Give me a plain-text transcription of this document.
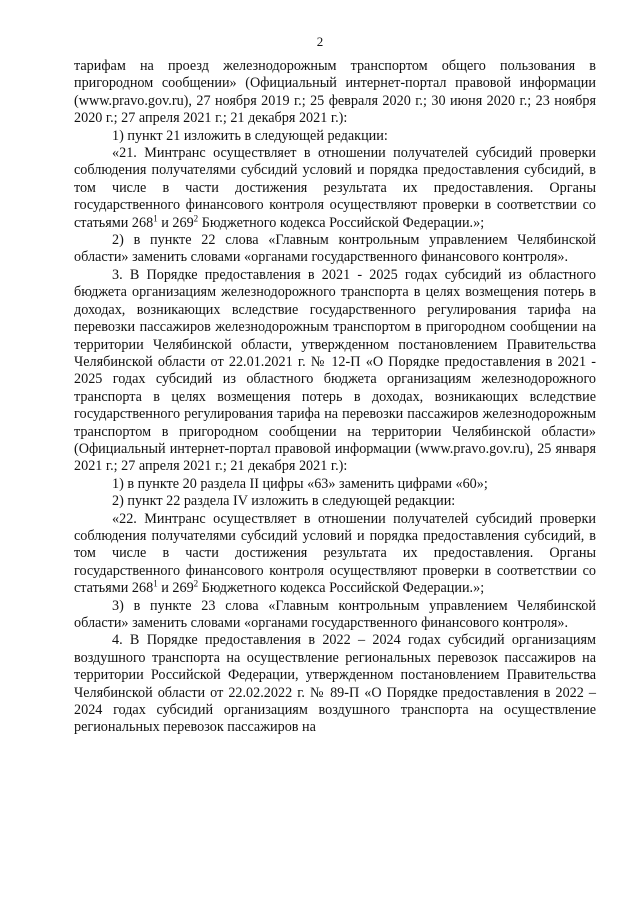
2

тарифам на проезд железнодорожным транспортом общего пользования в пригородном сообщении» (Официальный интернет-портал правовой информации (www.pravo.gov.ru), 27 ноября 2019 г.; 25 февраля 2020 г.; 30 июня 2020 г.; 23 ноября 2020 г.; 27 апреля 2021 г.; 21 декабря 2021 г.):

1) пункт 21 изложить в следующей редакции:

«21. Минтранс осуществляет в отношении получателей субсидий проверки соблюдения получателями субсидий условий и порядка предоставления субсидий, в том числе в части достижения результата их предоставления. Органы государственного финансового контроля осуществляют проверки в соответствии со статьями $268^1$ и $269^2$ Бюджетного кодекса Российской Федерации.»;

2) в пункте 22 слова «Главным контрольным управлением Челябинской области» заменить словами «органами государственного финансового контроля».

3. В Порядке предоставления в 2021 - 2025 годах субсидий из областного бюджета организациям железнодорожного транспорта в целях возмещения потерь в доходах, возникающих вследствие государственного регулирования тарифа на перевозки пассажиров железнодорожным транспортом в пригородном сообщении на территории Челябинской области, утвержденном постановлением Правительства Челябинской области от 22.01.2021 г. № 12-П «О Порядке предоставления в 2021 - 2025 годах субсидий из областного бюджета организациям железнодорожного транспорта в целях возмещения потерь в доходах, возникающих вследствие государственного регулирования тарифа на перевозки пассажиров железнодорожным транспортом в пригородном сообщении на территории Челябинской области» (Официальный интернет-портал правовой информации (www.pravo.gov.ru), 25 января 2021 г.; 27 апреля 2021 г.; 21 декабря 2021 г.):

1) в пункте 20 раздела II цифры «63» заменить цифрами «60»;

2) пункт 22 раздела IV изложить в следующей редакции:

«22. Минтранс осуществляет в отношении получателей субсидий проверки соблюдения получателями субсидий условий и порядка предоставления субсидий, в том числе в части достижения результата их предоставления. Органы государственного финансового контроля осуществляют проверки в соответствии со статьями $268^1$ и $269^2$ Бюджетного кодекса Российской Федерации.»;

3) в пункте 23 слова «Главным контрольным управлением Челябинской области» заменить словами «органами государственного финансового контроля».

4. В Порядке предоставления в 2022 – 2024 годах субсидий организациям воздушного транспорта на осуществление региональных перевозок пассажиров на территории Российской Федерации, утвержденном постановлением Правительства Челябинской области от 22.02.2022 г. № 89-П «О Порядке предоставления в 2022 – 2024 годах субсидий организациям воздушного транспорта на осуществление региональных перевозок пассажиров на
